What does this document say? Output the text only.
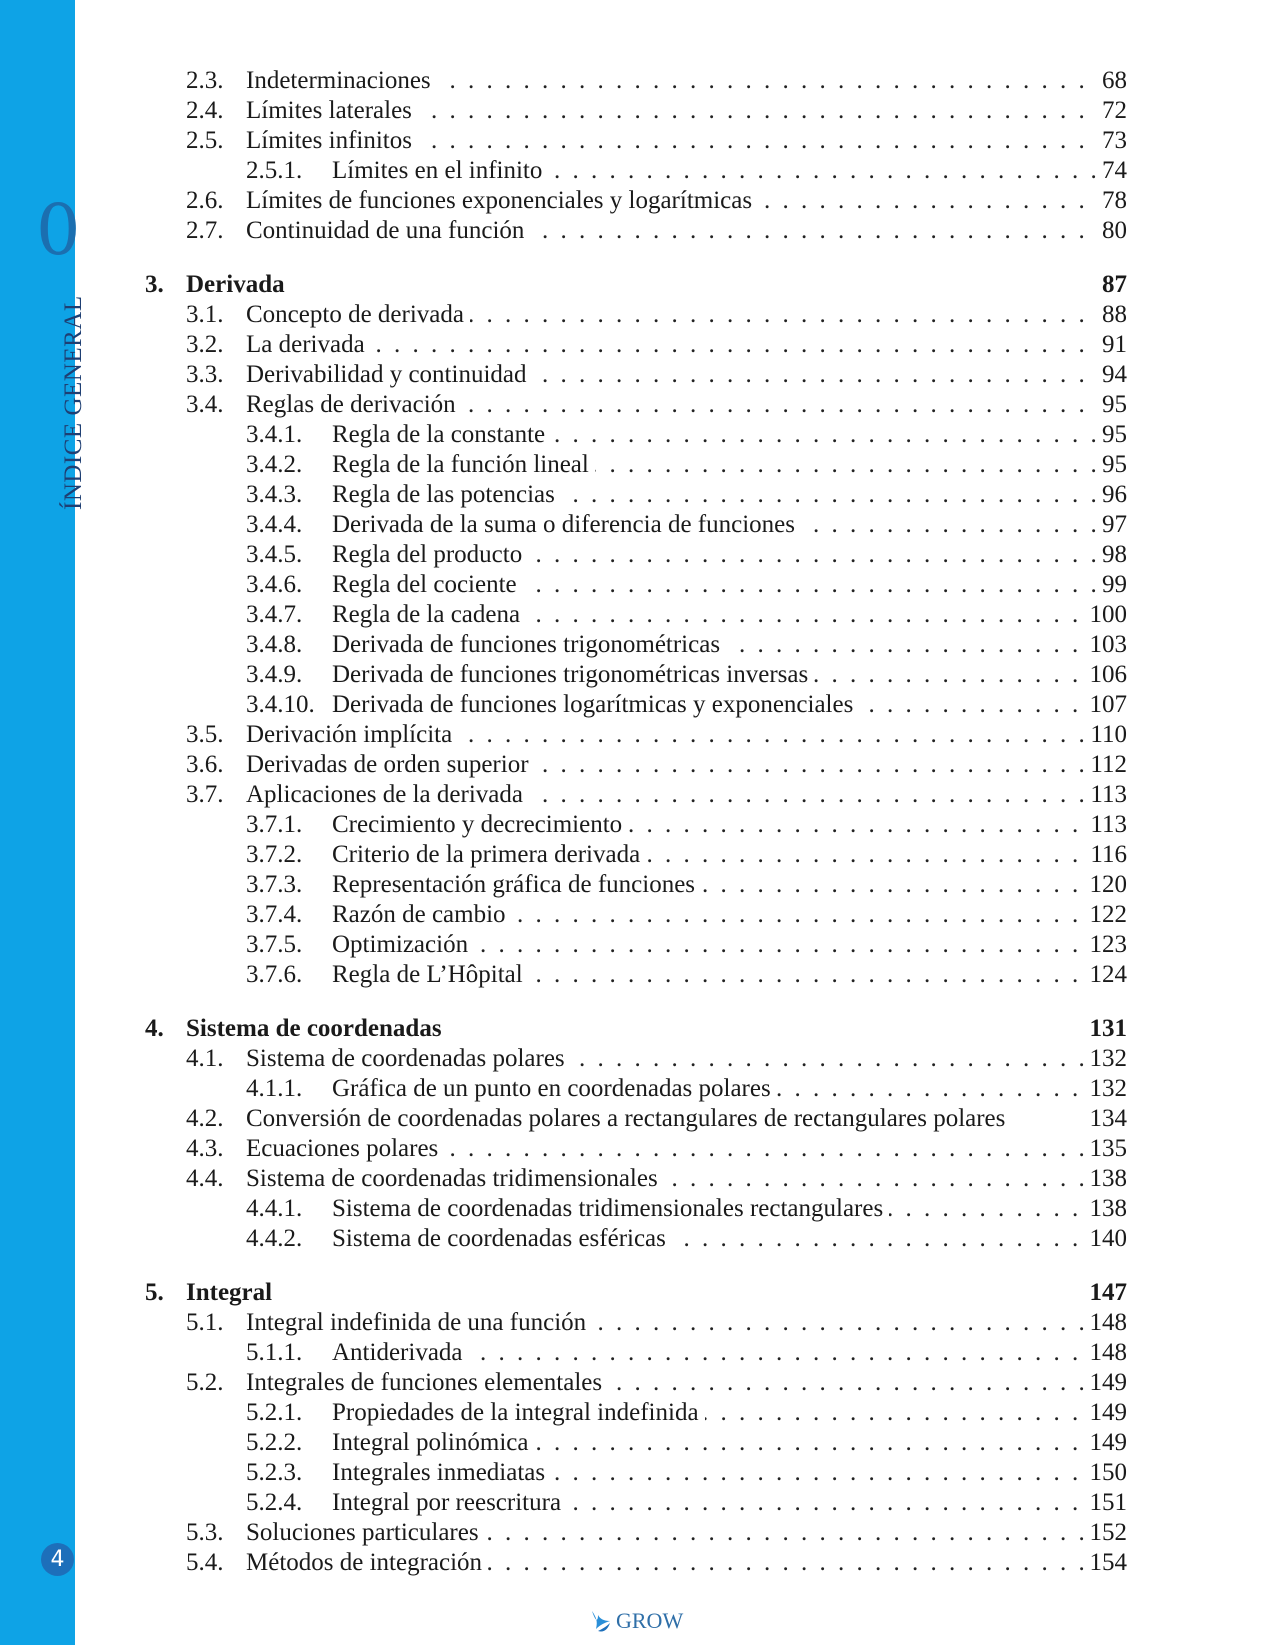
0
ÍNDICE GENERAL
4
2.3. Indeterminaciones . . .	68
2.4. Límites laterales . . .	72
2.5. Límites infinitos . . .	73
2.5.1. Límites en el infinito . . .	74
2.6. Límites de funciones exponenciales y logarítmicas . . .	78
2.7. Continuidad de una función . . .	80
3. Derivada	87
3.1. Concepto de derivada . . .	88
3.2. La derivada . . .	91
3.3. Derivabilidad y continuidad . . .	94
3.4. Reglas de derivación . . .	95
3.4.1. Regla de la constante . . .	95
3.4.2. Regla de la función lineal . . .	95
3.4.3. Regla de las potencias . . .	96
3.4.4. Derivada de la suma o diferencia de funciones . . .	97
3.4.5. Regla del producto . . .	98
3.4.6. Regla del cociente . . .	99
3.4.7. Regla de la cadena . . .	100
3.4.8. Derivada de funciones trigonométricas . . .	103
3.4.9. Derivada de funciones trigonométricas inversas . . .	106
3.4.10. Derivada de funciones logarítmicas y exponenciales . . .	107
3.5. Derivación implícita . . .	110
3.6. Derivadas de orden superior . . .	112
3.7. Aplicaciones de la derivada . . .	113
3.7.1. Crecimiento y decrecimiento . . .	113
3.7.2. Criterio de la primera derivada . . .	116
3.7.3. Representación gráfica de funciones . . .	120
3.7.4. Razón de cambio . . .	122
3.7.5. Optimización . . .	123
3.7.6. Regla de L’Hôpital . . .	124
4. Sistema de coordenadas	131
4.1. Sistema de coordenadas polares . . .	132
4.1.1. Gráfica de un punto en coordenadas polares . . .	132
4.2. Conversión de coordenadas polares a rectangulares de rectangulares polares	134
4.3. Ecuaciones polares . . .	135
4.4. Sistema de coordenadas tridimensionales . . .	138
4.4.1. Sistema de coordenadas tridimensionales rectangulares . . .	138
4.4.2. Sistema de coordenadas esféricas . . .	140
5. Integral	147
5.1. Integral indefinida de una función . . .	148
5.1.1. Antiderivada . . .	148
5.2. Integrales de funciones elementales . . .	149
5.2.1. Propiedades de la integral indefinida . . .	149
5.2.2. Integral polinómica . . .	149
5.2.3. Integrales inmediatas . . .	150
5.2.4. Integral por reescritura . . .	151
5.3. Soluciones particulares . . .	152
5.4. Métodos de integración . . .	154
GROW
